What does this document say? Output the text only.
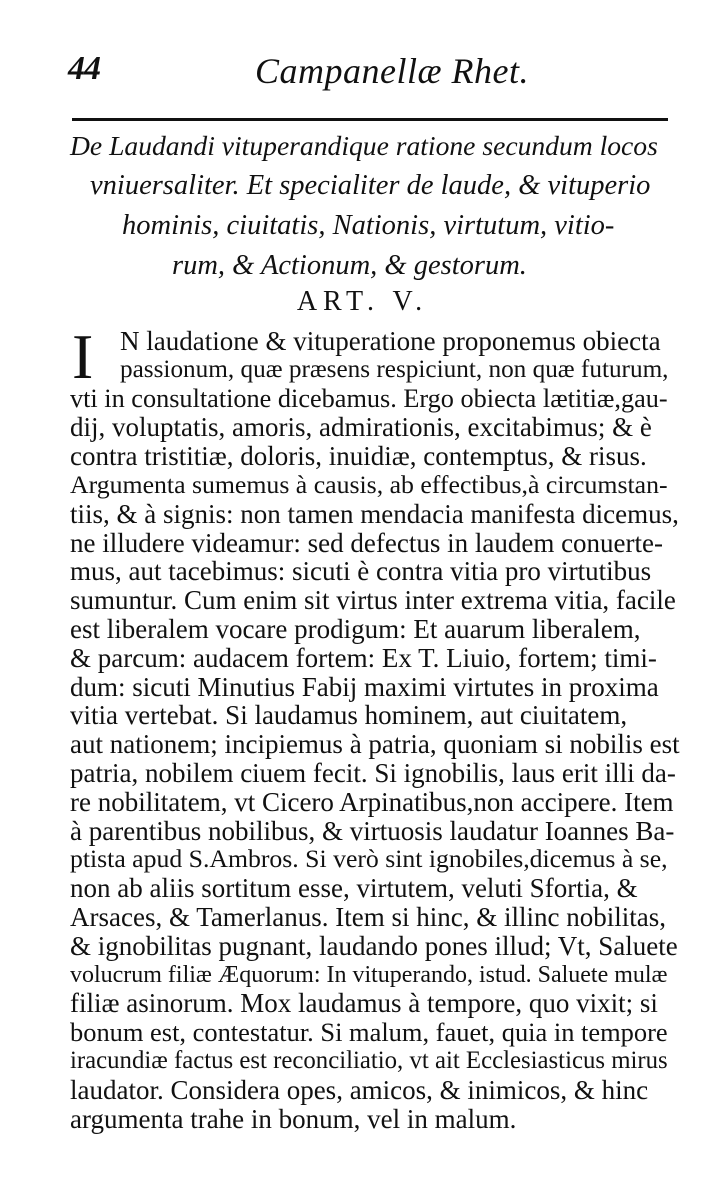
44	Campanellæ Rhet.
De Laudandi vituperandique ratione secundum locos
vniuersaliter. Et specialiter de laude, & vituperio
hominis, ciuitatis, Nationis, virtutum, vitio-
rum, & Actionum, & gestorum.
ART. V.
I N laudatione & vituperatione proponemus obiecta
passionum, quæ præsens respiciunt, non quæ futurum,
vti in consultatione dicebamus. Ergo obiecta lætitiæ,gau-
dij, voluptatis, amoris, admirationis, excitabimus; & è
contra tristitiæ, doloris, inuidiæ, contemptus, & risus.
Argumenta sumemus à causis, ab effectibus,à circumstan-
tiis, & à signis: non tamen mendacia manifesta dicemus,
ne illudere videamur: sed defectus in laudem conuerte-
mus, aut tacebimus: sicuti è contra vitia pro virtutibus
sumuntur. Cum enim sit virtus inter extrema vitia, facile
est liberalem vocare prodigum: Et auarum liberalem,
& parcum: audacem fortem: Ex T. Liuio, fortem; timi-
dum: sicuti Minutius Fabij maximi virtutes in proxima
vitia vertebat. Si laudamus hominem, aut ciuitatem,
aut nationem; incipiemus à patria, quoniam si nobilis est
patria, nobilem ciuem fecit. Si ignobilis, laus erit illi da-
re nobilitatem, vt Cicero Arpinatibus,non accipere. Item
à parentibus nobilibus, & virtuosis laudatur Ioannes Ba-
ptista apud S.Ambros. Si verò sint ignobiles,dicemus à se,
non ab aliis sortitum esse, virtutem, veluti Sfortia, &
Arsaces, & Tamerlanus. Item si hinc, & illinc nobilitas,
& ignobilitas pugnant, laudando pones illud; Vt, Saluete
volucrum filiæ Æquorum: In vituperando, istud. Saluete mulæ
filiæ asinorum. Mox laudamus à tempore, quo vixit; si
bonum est, contestatur. Si malum, fauet, quia in tempore
iracundiæ factus est reconciliatio, vt ait Ecclesiasticus mirus
laudator. Considera opes, amicos, & inimicos, & hinc
argumenta trahe in bonum, vel in malum.
